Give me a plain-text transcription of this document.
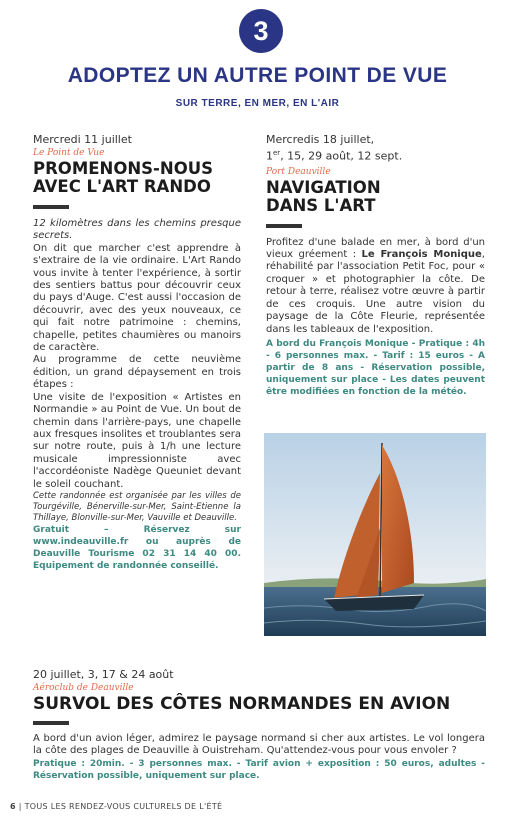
3
ADOPTEZ UN AUTRE POINT DE VUE
SUR TERRE, EN MER, EN L'AIR
Mercredi 11 juillet
Le Point de Vue
PROMENONS-NOUS
AVEC L'ART RANDO

12 kilomètres dans les chemins presque secrets.

On dit que marcher c'est apprendre à s'extraire de la vie ordinaire. L'Art Rando vous invite à tenter l'expérience, à sortir des sentiers battus pour découvrir ceux du pays d'Auge. C'est aussi l'occasion de découvrir, avec des yeux nouveaux, ce qui fait notre patrimoine : chemins, chapelle, petites chaumières ou manoirs de caractère.

Au programme de cette neuvième édition, un grand dépaysement en trois étapes :

Une visite de l'exposition « Artistes en Normandie » au Point de Vue. Un bout de chemin dans l'arrière-pays, une chapelle aux fresques insolites et troublantes sera sur notre route, puis à 1/h une lecture musicale impressionniste avec l'accordéoniste Nadège Queuniet devant le soleil couchant.

Cette randonnée est organisée par les villes de Tourgéville, Bénerville-sur-Mer, Saint-Etienne la Thillaye, Blonville-sur-Mer, Vauville et Deauville.

Gratuit – Réservez sur www.indeauville.fr ou auprès de Deauville Tourisme 02 31 14 40 00. Equipement de randonnée conseillé.

Mercredis 18 juillet,
1er, 15, 29 août, 12 sept.
Port Deauville
NAVIGATION
DANS L'ART

Profitez d'une balade en mer, à bord d'un vieux gréement : Le François Monique, réhabilité par l'association Petit Foc, pour « croquer » et photographier la côte. De retour à terre, réalisez votre œuvre à partir de ces croquis. Une autre vision du paysage de la Côte Fleurie, représentée dans les tableaux de l'exposition.

A bord du François Monique - Pratique : 4h - 6 personnes max. - Tarif : 15 euros - A partir de 8 ans - Réservation possible, uniquement sur place - Les dates peuvent être modifiées en fonction de la météo.

20 juillet, 3, 17 & 24 août
Aéroclub de Deauville
SURVOL DES CÔTES NORMANDES EN AVION

A bord d'un avion léger, admirez le paysage normand si cher aux artistes. Le vol longera la côte des plages de Deauville à Ouistreham. Qu'attendez-vous pour vous envoler ?

Pratique : 20min. - 3 personnes max. - Tarif avion + exposition : 50 euros, adultes - Réservation possible, uniquement sur place.

6 | TOUS LES RENDEZ-VOUS CULTURELS DE L'ÉTÉ
